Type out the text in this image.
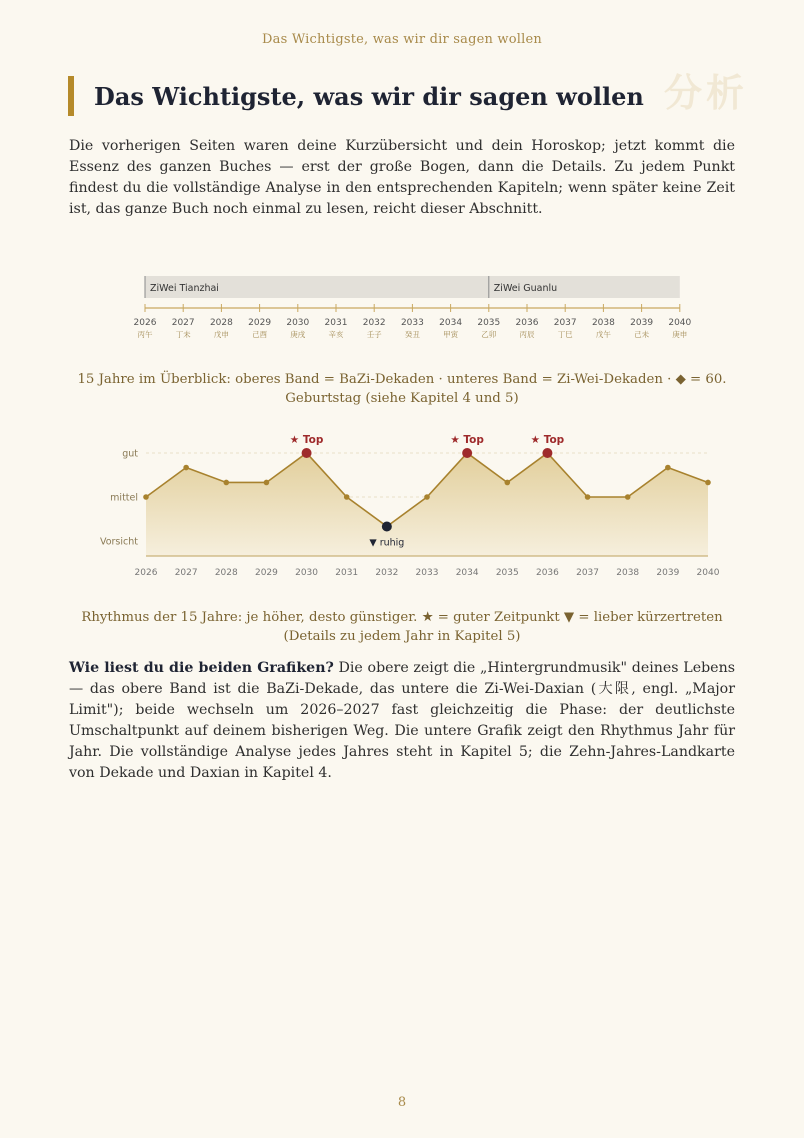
Das Wichtigste, was wir dir sagen wollen
分析
Das Wichtigste, was wir dir sagen wollen

Die vorherigen Seiten waren deine Kurzübersicht und dein Horoskop; jetzt kommt die Essenz des ganzen Buches — erst der große Bogen, dann die Details. Zu jedem Punkt findest du die vollständige Analyse in den entsprechenden Kapiteln; wenn später keine Zeit ist, das ganze Buch noch einmal zu lesen, reicht dieser Abschnitt.

ZiWei Tianzhai	ZiWei Guanlu
2026
丙午
2027
丁未
2028
戊申
2029
己酉
2030
庚戌
2031
辛亥
2032
壬子
2033
癸丑
2034
甲寅
2035
乙卯
2036
丙辰
2037
丁巳
2038
戊午
2039
己未
2040
庚申
15 Jahre im Überblick: oberes Band = BaZi-Dekaden · unteres Band = Zi-Wei-Dekaden · ◆ = 60. Geburtstag (siehe Kapitel 4 und 5)
gut
mittel
Vorsicht
2026 2027 2028 2029
★ Top
2030 2031
▼ ruhig
2032 2033
★ Top
2034 2035
★ Top
2036 2037 2038 2039 2040
Rhythmus der 15 Jahre: je höher, desto günstiger. ★ = guter Zeitpunkt ▼ = lieber kürzertreten (Details zu jedem Jahr in Kapitel 5)

Wie liest du die beiden Grafiken? Die obere zeigt die „Hintergrundmusik" deines Lebens — das obere Band ist die BaZi-Dekade, das untere die Zi-Wei-Daxian (大限, engl. „Major Limit"); beide wechseln um 2026–2027 fast gleichzeitig die Phase: der deutlichste Umschaltpunkt auf deinem bisherigen Weg. Die untere Grafik zeigt den Rhythmus Jahr für Jahr. Die vollständige Analyse jedes Jahres steht in Kapitel 5; die Zehn-Jahres-Landkarte von Dekade und Daxian in Kapitel 4.

8
